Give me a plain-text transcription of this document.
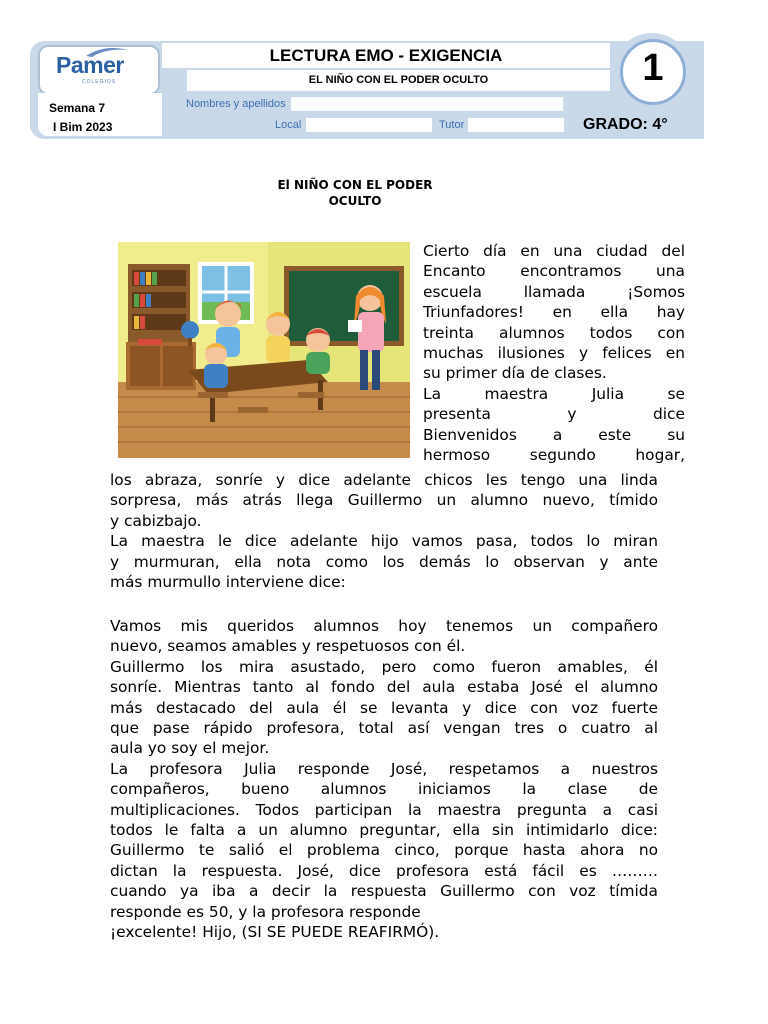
Pamer
COLEGIOS
Semana 7
I Bim 2023
LECTURA EMO - EXIGENCIA
EL NIÑO CON EL PODER OCULTO
Nombres y apellidos
Local	Tutor
1
GRADO: 4°
El NIÑO CON EL PODER
OCULTO

Cierto día en una ciudad del

Encanto encontramos una

escuela llamada ¡Somos

Triunfadores! en ella hay

treinta alumnos todos con

muchas ilusiones y felices en

su primer día de clases.

La maestra Julia se

presenta y dice

Bienvenidos a este su

hermoso segundo hogar,

los abraza, sonríe y dice adelante chicos les tengo una linda

sorpresa, más atrás llega Guillermo un alumno nuevo, tímido

y cabizbajo.

La maestra le dice adelante hijo vamos pasa, todos lo miran

y murmuran, ella nota como los demás lo observan y ante

más murmullo interviene dice:

Vamos mis queridos alumnos hoy tenemos un compañero

nuevo, seamos amables y respetuosos con él.

Guillermo los mira asustado, pero como fueron amables, él

sonríe. Mientras tanto al fondo del aula estaba José el alumno

más destacado del aula él se levanta y dice con voz fuerte

que pase rápido profesora, total así vengan tres o cuatro al

aula yo soy el mejor.

La profesora Julia responde José, respetamos a nuestros

compañeros, bueno alumnos iniciamos la clase de

multiplicaciones. Todos participan la maestra pregunta a casi

todos le falta a un alumno preguntar, ella sin intimidarlo dice:

Guillermo te salió el problema cinco, porque hasta ahora no

dictan la respuesta. José, dice profesora está fácil es ………

cuando ya iba a decir la respuesta Guillermo con voz tímida

responde es 50, y la profesora responde

¡excelente! Hijo, (SI SE PUEDE REAFIRMÓ).
